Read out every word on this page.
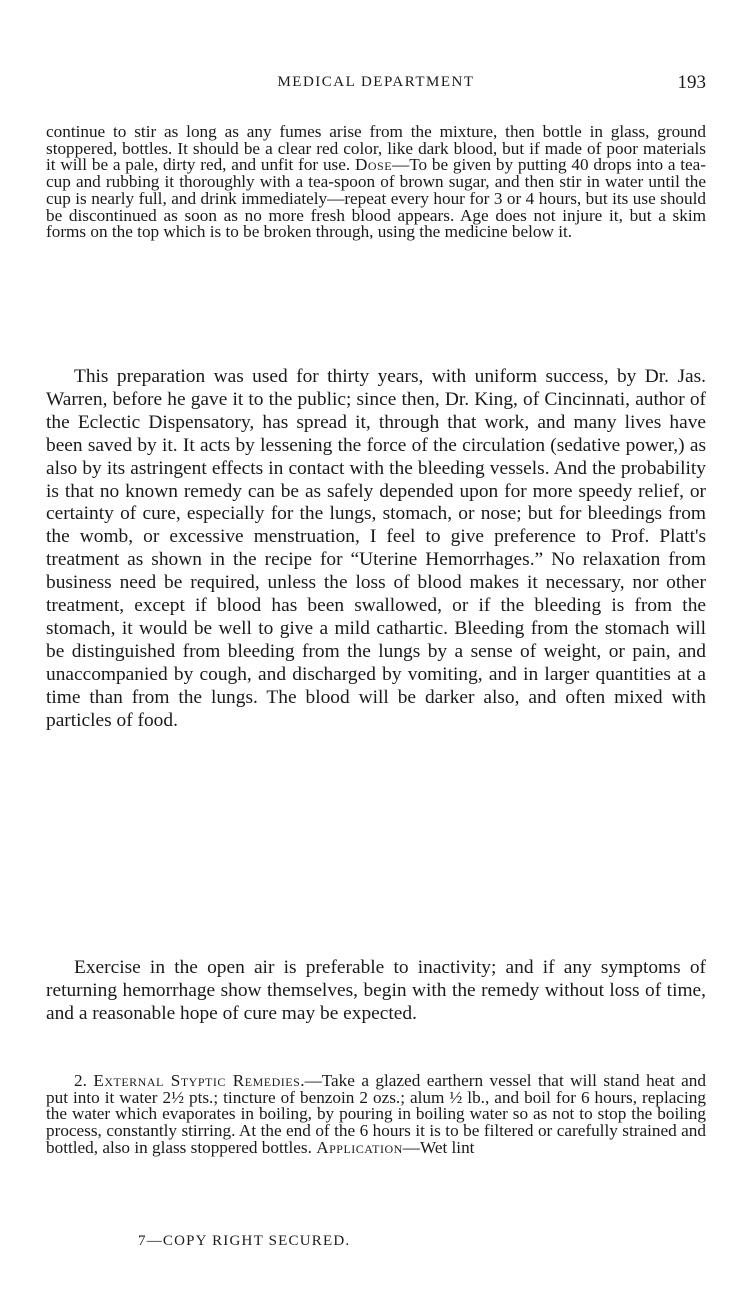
MEDICAL DEPARTMENT	193

continue to stir as long as any fumes arise from the mixture, then bottle in glass, ground stoppered, bottles. It should be a clear red color, like dark blood, but if made of poor materials it will be a pale, dirty red, and unfit for use. Dose—To be given by putting 40 drops into a tea-cup and rubbing it thoroughly with a tea-spoon of brown sugar, and then stir in water until the cup is nearly full, and drink immediately—repeat every hour for 3 or 4 hours, but its use should be discontinued as soon as no more fresh blood appears. Age does not injure it, but a skim forms on the top which is to be broken through, using the medicine below it.

This preparation was used for thirty years, with uniform success, by Dr. Jas. Warren, before he gave it to the public; since then, Dr. King, of Cincinnati, author of the Eclectic Dispensatory, has spread it, through that work, and many lives have been saved by it. It acts by lessening the force of the circulation (sedative power,) as also by its astringent effects in contact with the bleeding vessels. And the probability is that no known remedy can be as safely depended upon for more speedy relief, or certainty of cure, especially for the lungs, stomach, or nose; but for bleedings from the womb, or excessive menstruation, I feel to give preference to Prof. Platt's treatment as shown in the recipe for “Uterine Hemorrhages.” No relaxation from business need be required, unless the loss of blood makes it necessary, nor other treatment, except if blood has been swallowed, or if the bleeding is from the stomach, it would be well to give a mild cathartic. Bleeding from the stomach will be distinguished from bleeding from the lungs by a sense of weight, or pain, and unaccompanied by cough, and discharged by vomiting, and in larger quantities at a time than from the lungs. The blood will be darker also, and often mixed with particles of food.

Exercise in the open air is preferable to inactivity; and if any symptoms of returning hemorrhage show themselves, begin with the remedy without loss of time, and a reasonable hope of cure may be expected.

2. External Styptic Remedies.—Take a glazed earthern vessel that will stand heat and put into it water 2½ pts.; tincture of benzoin 2 ozs.; alum ½ lb., and boil for 6 hours, replacing the water which evaporates in boiling, by pouring in boiling water so as not to stop the boiling process, constantly stirring. At the end of the 6 hours it is to be filtered or carefully strained and bottled, also in glass stoppered bottles. Application—Wet lint

7—COPY RIGHT SECURED.
